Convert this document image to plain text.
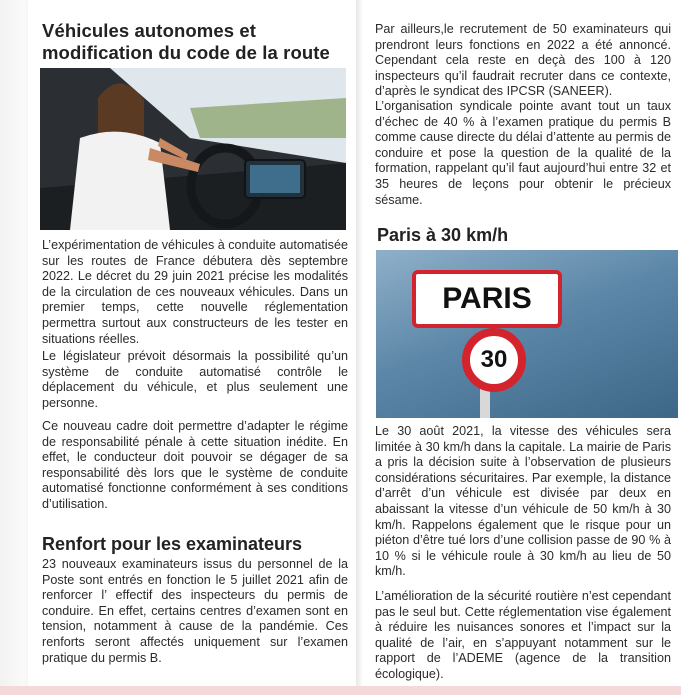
Véhicules autonomes et
modification du code de la route

L’expérimentation de véhicules à conduite automatisée sur les routes de France débutera dès septembre 2022. Le décret du 29 juin 2021 précise les modalités de la circulation de ces nouveaux véhicules. Dans un premier temps, cette nouvelle réglementation permettra surtout aux constructeurs de les tester en situations réelles.

Le législateur prévoit désormais la possibilité qu’un système de conduite automatisé contrôle le déplacement du véhicule, et plus seulement une personne.

Ce nouveau cadre doit permettre d’adapter le régime de responsabilité pénale à cette situation inédite. En effet, le conducteur doit pouvoir se dégager de sa responsabilité dès lors que le système de conduite automatisé fonctionne conformément à ses conditions d’utilisation.

Renfort pour les examinateurs

23 nouveaux examinateurs issus du personnel de la Poste sont entrés en fonction le 5 juillet 2021 afin de renforcer l’ effectif des inspecteurs du permis de conduire. En effet, certains centres d’examen sont en tension, notamment à cause de la pandémie. Ces renforts seront affectés uniquement sur l’examen pratique du permis B.

Par ailleurs,le recrutement de 50 examinateurs qui prendront leurs fonctions en 2022 a été annoncé. Cependant cela reste en deçà des 100 à 120 inspecteurs qu’il faudrait recruter dans ce contexte, d’après le syndicat des IPCSR (SANEER).

L’organisation syndicale pointe avant tout un taux d’échec de 40 % à l’examen pratique du permis B comme cause directe du délai d’attente au permis de conduire et pose la question de la qualité de la formation, rappelant qu’il faut aujourd’hui entre 32 et 35 heures de leçons pour obtenir le précieux sésame.

Paris à 30 km/h
PARIS
30

Le 30 août 2021, la vitesse des véhicules sera limitée à 30 km/h dans la capitale. La mairie de Paris a pris la décision suite à l’observation de plusieurs considérations sécuritaires. Par exemple, la distance d’arrêt d’un véhicule est divisée par deux en abaissant la vitesse d’un véhicule de 50 km/h à 30 km/h. Rappelons également que le risque pour un piéton d’être tué lors d’une collision passe de 90 % à 10 % si le véhicule roule à 30 km/h au lieu de 50 km/h.

L’amélioration de la sécurité routière n’est cependant pas le seul but. Cette réglementation vise également à réduire les nuisances sonores et l’impact sur la qualité de l’air, en s’appuyant notamment sur le rapport de l’ADEME (agence de la transition écologique).
